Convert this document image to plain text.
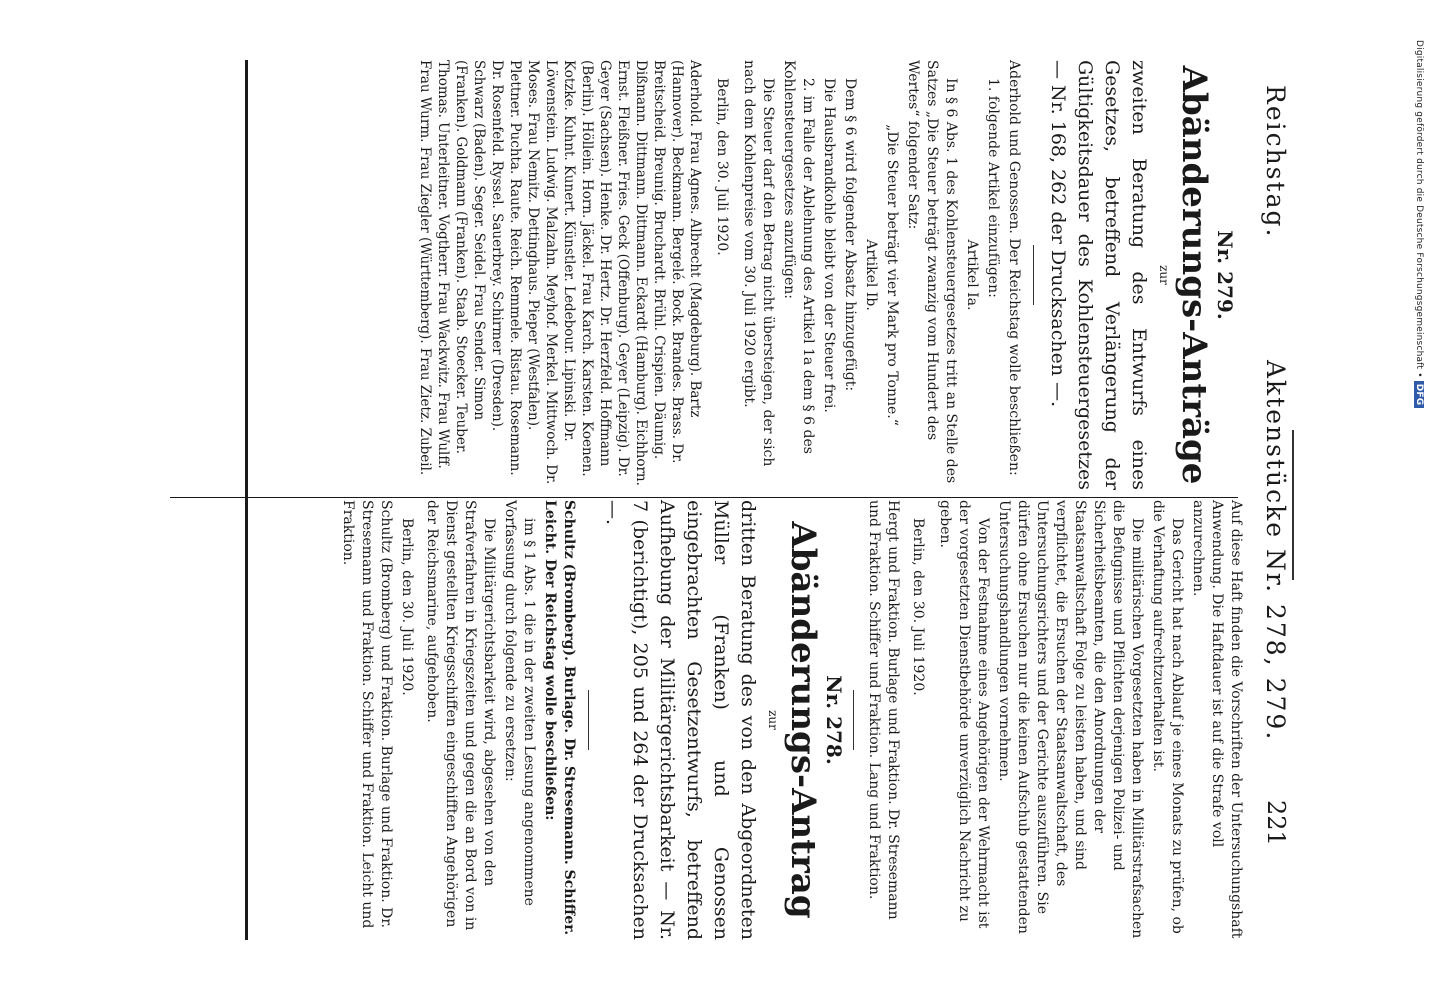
Reichstag.
Aktenstücke Nr. 278, 279.
221

Auf diese Haft finden die Vorschriften der Untersuchungshaft Anwendung. Die Haftdauer ist auf die Strafe voll anzurechnen.

Das Gericht hat nach Ablauf je eines Monats zu prüfen, ob die Verhaftung aufrechtzuerhalten ist.

Die militärischen Vorgesetzten haben in Militärstrafsachen die Befugnisse und Pflichten derjenigen Polizei- und Sicherheitsbeamten, die den Anordnungen der Staatsanwaltschaft Folge zu leisten haben, und sind verpflichtet, die Ersuchen der Staatsanwaltschaft, des Untersuchungsrichters und der Gerichte auszuführen. Sie dürfen ohne Ersuchen nur die keinen Aufschub gestattenden Untersuchungshandlungen vornehmen.

Von der Festnahme eines Angehörigen der Wehrmacht ist der vorgesetzten Dienstbehörde unverzüglich Nachricht zu geben.

Berlin, den 30. Juli 1920.

Hergt und Fraktion. Burlage und Fraktion. Dr. Stresemann und Fraktion. Schiffer und Fraktion. Lang und Fraktion.

Nr. 278.
Abänderungs-Antrag
zur

dritten Beratung des von den Abgeordneten Müller (Franken) und Genossen eingebrachten Gesetzentwurfs, betreffend Aufhebung der Militärgerichtsbarkeit — Nr. 7 (berichtigt), 205 und 264 der Drucksachen —.

Schultz (Bromberg). Burlage. Dr. Stresemann. Schiffer. Leicht. Der Reichstag wolle beschließen:

im § 1 Abs. 1 die in der zweiten Lesung angenommene Vorfassung durch folgende zu ersetzen:

Die Militärgerichtsbarkeit wird, abgesehen von den Strafverfahren in Kriegszeiten und gegen die an Bord von in Dienst gestellten Kriegsschiffen eingeschifften Angehörigen der Reichsmarine, aufgehoben.

Berlin, den 30. Juli 1920.

Schultz (Bromberg) und Fraktion. Burlage und Fraktion. Dr. Stresemann und Fraktion. Schiffer und Fraktion. Leicht und Fraktion.

Nr. 279.
Abänderungs-Anträge
zur

zweiten Beratung des Entwurfs eines Gesetzes, betreffend Verlängerung der Gültigkeitsdauer des Kohlensteuergesetzes — Nr. 168, 262 der Drucksachen —.

Aderhold und Genossen. Der Reichstag wolle beschließen:

1. folgende Artikel einzufügen:

Artikel Ia.

In § 6 Abs. 1 des Kohlensteuergesetzes tritt an Stelle des Satzes „Die Steuer beträgt zwanzig vom Hundert des Wertes“ folgender Satz:

„Die Steuer beträgt vier Mark pro Tonne.“

Artikel Ib.

Dem § 6 wird folgender Absatz hinzugefügt:

Die Hausbrandkohle bleibt von der Steuer frei.

2. im Falle der Ablehnung des Artikel 1a dem § 6 des Kohlensteuergesetzes anzufügen:

Die Steuer darf den Betrag nicht übersteigen, der sich nach dem Kohlenpreise vom 30. Juli 1920 ergibt.

Berlin, den 30. Juli 1920.

Aderhold. Frau Agnes. Albrecht (Magdeburg). Bartz (Hannover). Beckmann. Bergelé. Bock. Brandes. Brass. Dr. Breitscheid. Breunig. Bruchardt. Brühl. Crispien. Däumig. Dißmann. Dittmann. Dittmann. Eckardt (Hamburg). Eichhorn. Ernst. Fleißner. Fries. Geck (Offenburg). Geyer (Leipzig). Dr. Geyer (Sachsen). Henke. Dr. Hertz. Dr. Herzfeld. Hoffmann (Berlin). Höllein. Horn. Jäckel. Frau Karch. Karsten. Koenen. Kotzke. Kuhnt. Kunert. Künstler. Ledebour. Lipinski. Dr. Löwenstein. Ludwig. Malzahn. Meyhof. Merkel. Mittwoch. Dr. Moses. Frau Nemitz. Dettinghaus. Pieper (Westfalen). Plettner. Puchta. Raute. Reich. Remmele. Ristau. Rosemann. Dr. Rosenfeld. Ryssel. Sauerbrey. Schirmer (Dresden). Schwarz (Baden). Seger. Seidel. Frau Sender. Simon (Franken). Goldmann (Franken). Staab. Stoecker. Teuber. Thomas. Unterleitner. Vogtherr. Frau Wackwitz. Frau Wulff. Frau Wurm. Frau Ziegler (Württemberg). Frau Zietz. Zubeil.	Digitalisierung gefördert durch die Deutsche Forschungsgemeinschaft •DFG
